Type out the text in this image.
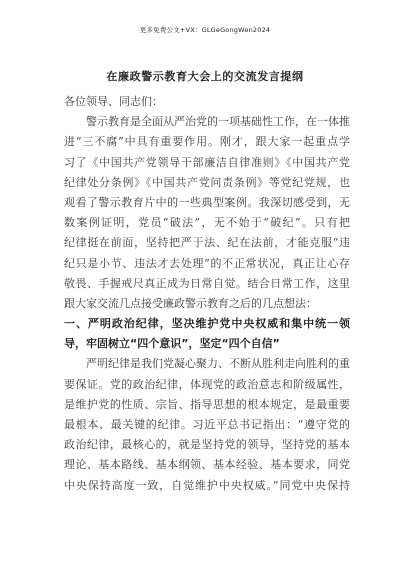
更多免费公文+VX：GLGeGongWen2024
在廉政警示教育大会上的交流发言提纲
各位领导、同志们：
警示教育是全面从严治党的一项基础性工作，在一体推
进“三不腐”中具有重要作用。刚才，跟大家一起重点学
习了《中国共产党领导干部廉洁自律准则》《中国共产党
纪律处分条例》《中国共产党问责条例》等党纪党规，也
观看了警示教育片中的一些典型案例。我深切感受到，无
数案例证明，党员“破法”，无不始于“破纪”。只有把
纪律挺在前面，坚持把严于法、纪在法前，才能克服“违
纪只是小节、违法才去处理”的不正常状况，真正让心存
敬畏、手握戒尺真正成为日常自觉。结合日常工作，这里
跟大家交流几点接受廉政警示教育之后的几点想法：
一、严明政治纪律，坚决维护党中央权威和集中统一领
导，牢固树立“四个意识”，坚定“四个自信”
严明纪律是我们党凝心聚力、不断从胜利走向胜利的重
要保证。党的政治纪律，体现党的政治意志和阶级属性，
是维护党的性质、宗旨、指导思想的根本规定，是最重要
最根本、最关键的纪律。习近平总书记指出：“遵守党的
政治纪律，最核心的，就是坚持党的领导，坚持党的基本
理论、基本路线、基本纲领、基本经验、基本要求，同党
中央保持高度一致，自觉维护中央权威。”同党中央保持
